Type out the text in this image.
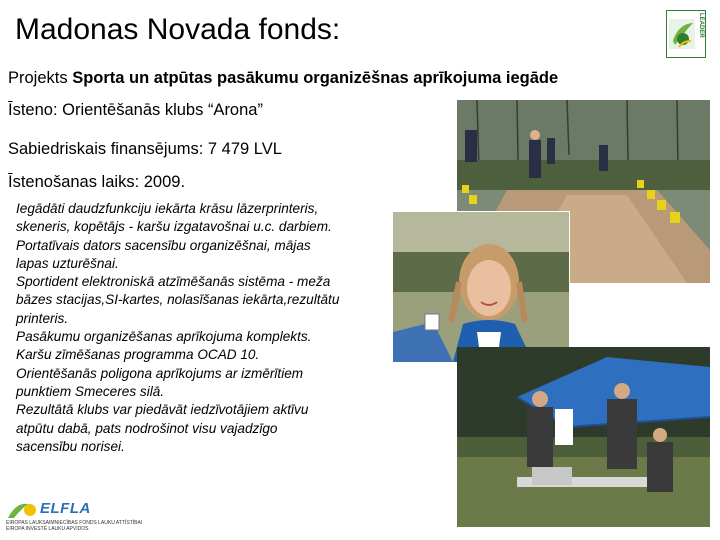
Madonas Novada fonds:	LEADER
Projekts Sporta un atpūtas pasākumu organizēšnas aprīkojuma iegāde
Īsteno: Orientēšanās klubs “Arona”
Sabiedriskais finansējums: 7 479 LVL
Īstenošanas laiks: 2009.
Iegādāti daudzfunkciju iekārta krāsu lāzerprinteris,
skeneris, kopētājs - karšu izgatavošnai u.c. darbiem.
Portatīvais dators sacensību organizēšnai, mājas
lapas uzturēšnai.
Sportident elektroniskā atzīmēšanās sistēma - meža
bāzes stacijas,SI-kartes, nolasīšanas iekārta,rezultātu
printeris.
Pasākumu organizēšanas aprīkojuma komplekts.
Karšu zīmēšanas programma OCAD 10.
Orientēšanās poligona aprīkojums ar izmērītiem
punktiem Smeceres silā.
Rezultātā klubs var piedāvāt iedzīvotājiem aktīvu
atpūtu dabā, pats nodrošinot visu vajadzīgo
sacensību norisei.
ELFLA
EIROPAS LAUKSAIMNIECĪBAS FONDS LAUKU ATTĪSTĪBAI
EIROPA INVESTĒ LAUKU APVIDOS
